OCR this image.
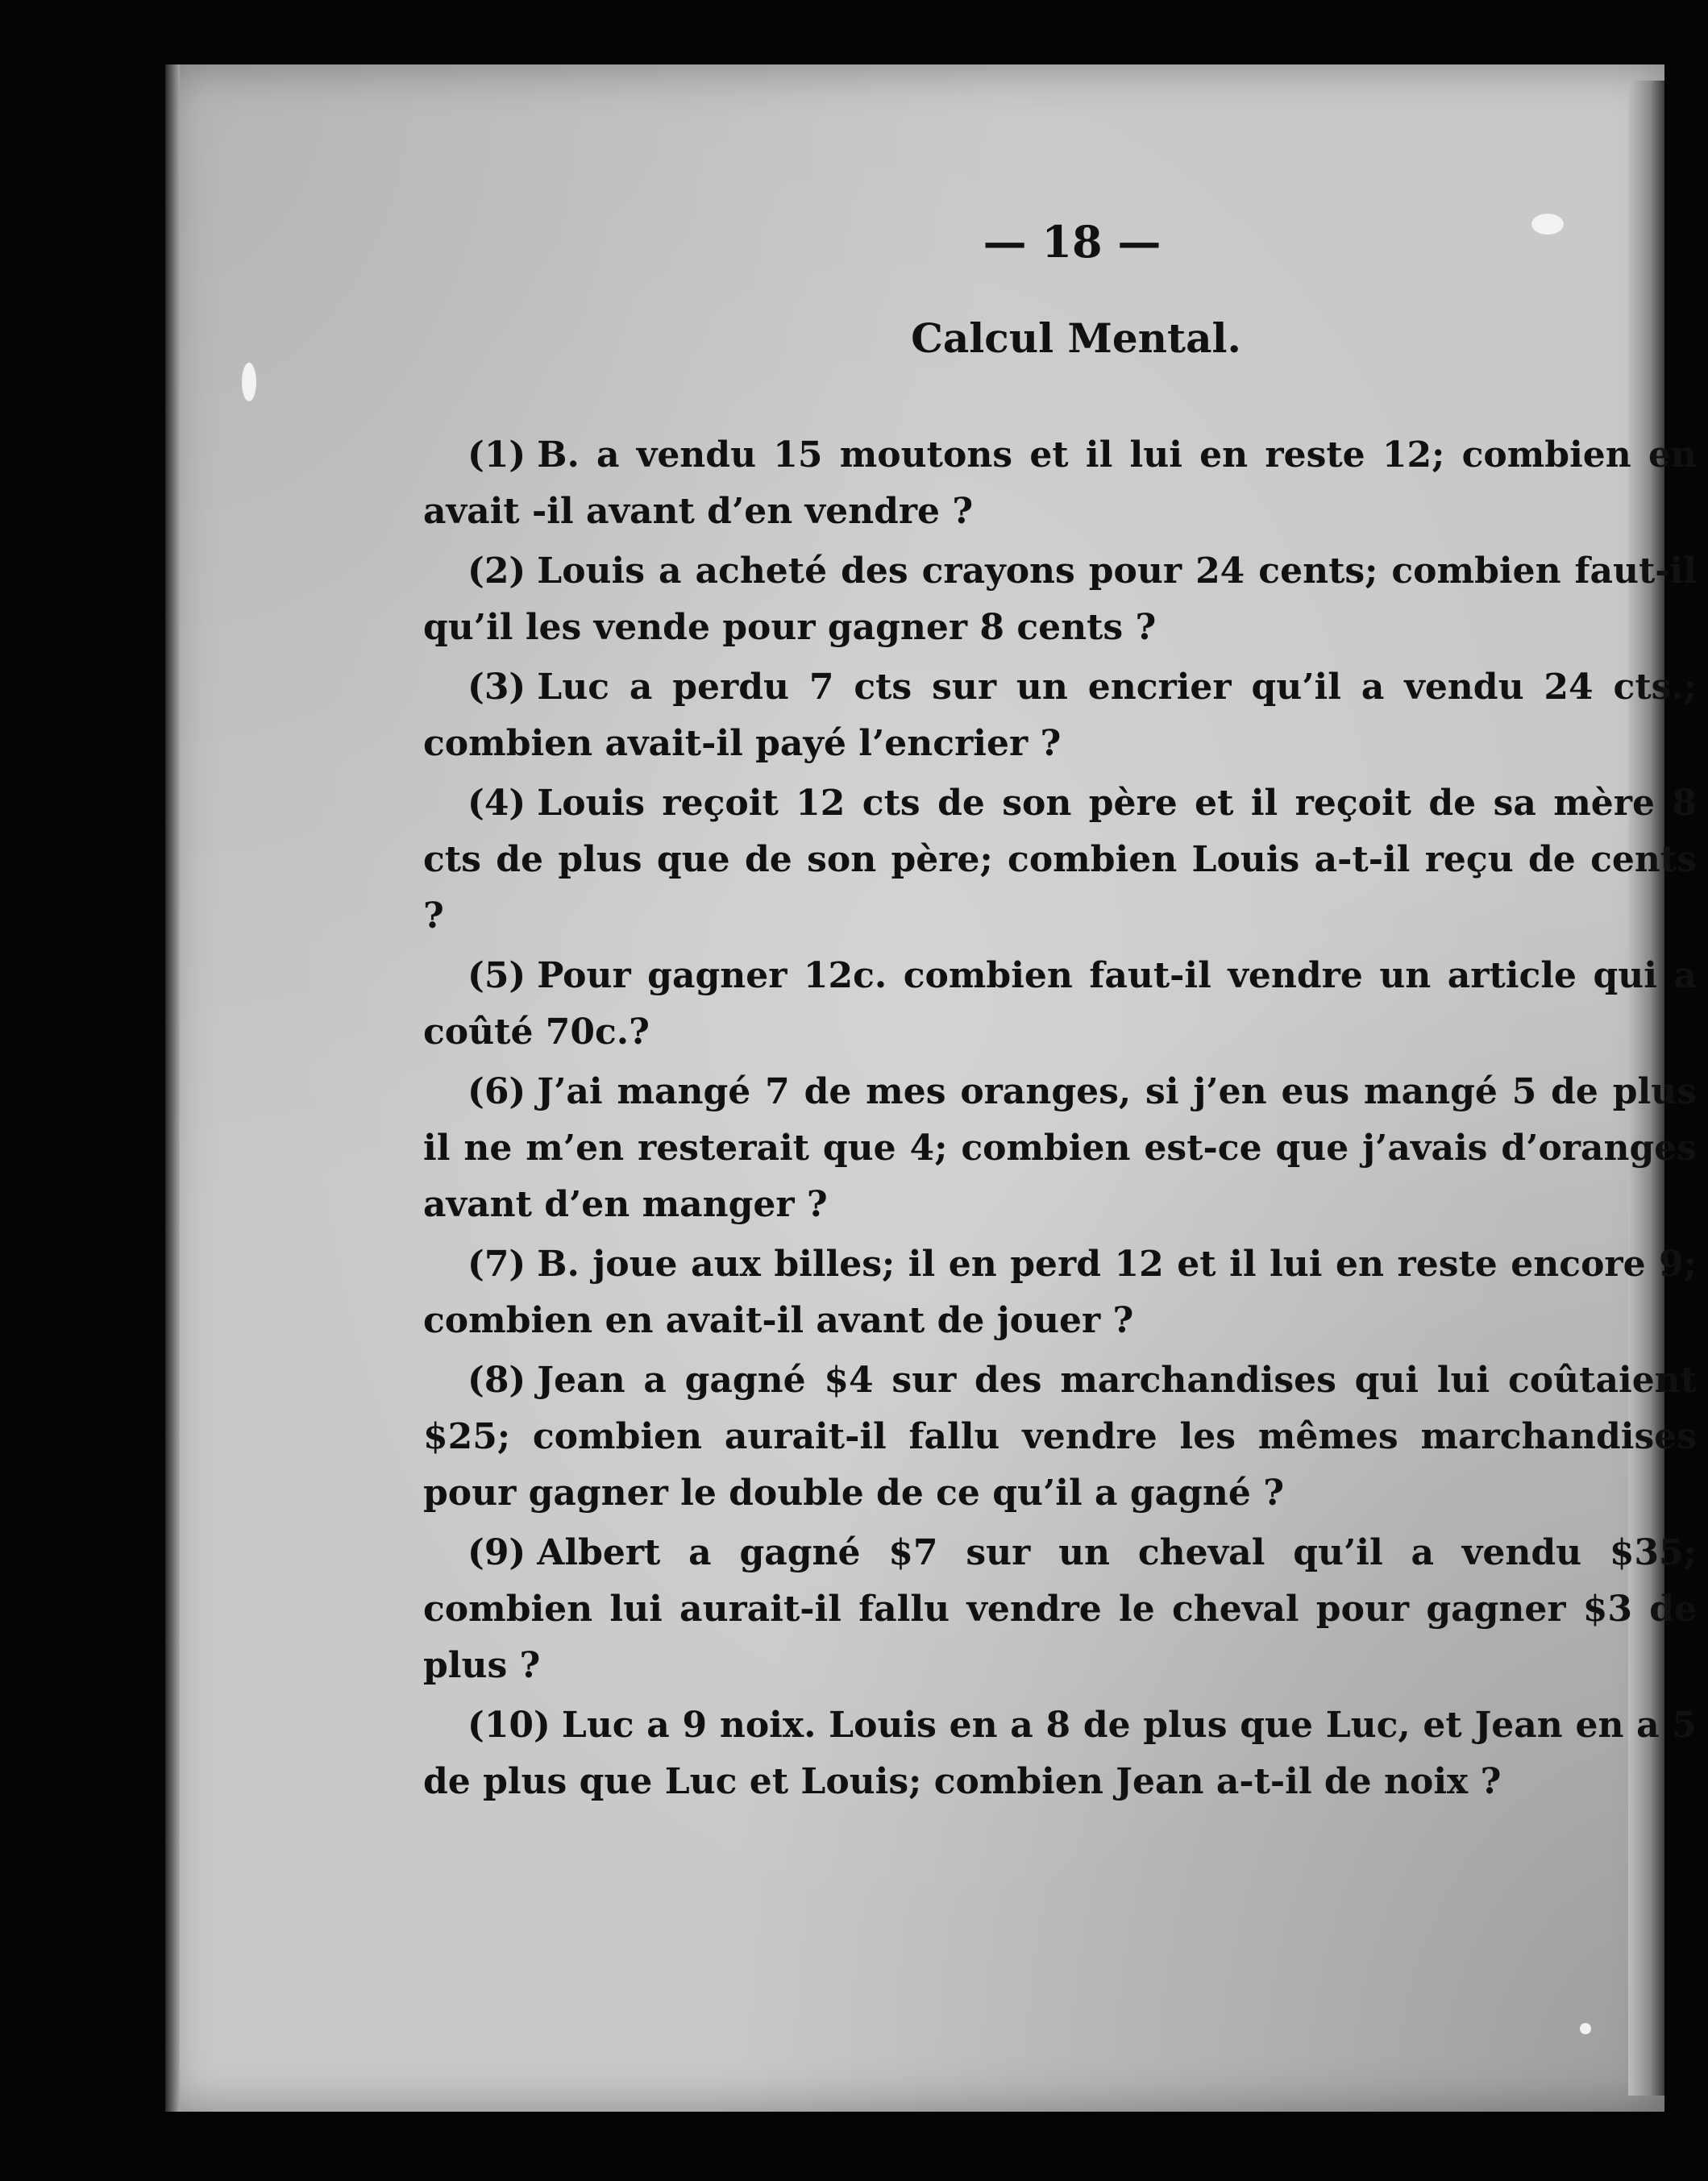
— 18 —
Calcul Mental.

(1) B. a vendu 15 moutons et il lui en reste 12; combien en avait -il avant d’en vendre ?

(2) Louis a acheté des crayons pour 24 cents; combien faut-il qu’il les vende pour gagner 8 cents ?

(3) Luc a perdu 7 cts sur un encrier qu’il a vendu 24 cts.; combien avait-il payé l’encrier ?

(4) Louis reçoit 12 cts de son père et il reçoit de sa mère 8 cts de plus que de son père; combien Louis a-t-il reçu de cents ?

(5) Pour gagner 12c. combien faut-il vendre un article qui a coûté 70c.?

(6) J’ai mangé 7 de mes oranges, si j’en eus mangé 5 de plus il ne m’en resterait que 4; combien est-ce que j’avais d’oranges avant d’en manger ?

(7) B. joue aux billes; il en perd 12 et il lui en reste encore 9; combien en avait-il avant de jouer ?

(8) Jean a gagné $4 sur des marchandises qui lui coûtaient $25; combien aurait-il fallu vendre les mêmes marchandises pour gagner le double de ce qu’il a gagné ?

(9) Albert a gagné $7 sur un cheval qu’il a vendu $35; combien lui aurait-il fallu vendre le cheval pour gagner $3 de plus ?

(10) Luc a 9 noix. Louis en a 8 de plus que Luc, et Jean en a 5 de plus que Luc et Louis; combien Jean a-t-il de noix ?
